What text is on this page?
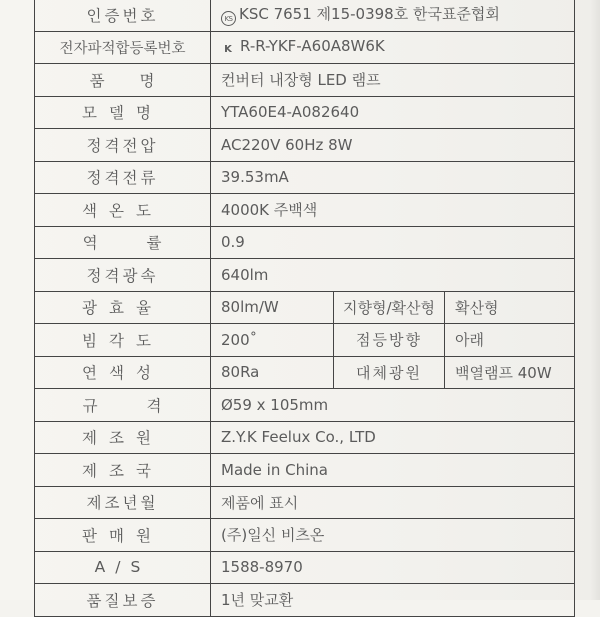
인증번호	KS KSC 7651 제15-0398호 한국표준협회		
전자파적합등록번호	K R-R-YKF-A60A8W6K		
품 명	컨버터 내장형 LED 램프		
모델명	YTA60E4-A082640		
정격전압	AC220V 60Hz 8W		
정격전류	39.53mA		
색온도	4000K 주백색		
역 률	0.9		
정격광속	640lm		
광효율	80lm/W	지향형/확산형	확산형
빔각도	200˚	점등방향	아래
연색성	80Ra	대체광원	백열램프 40W
규 격	Ø59 x 105mm		
제조원	Z.Y.K Feelux Co., LTD		
제조국	Made in China		
제조년월	제품에 표시		
판매원	(주)일신 비츠온		
A/S	1588-8970		
품질보증	1년 맞교환		
